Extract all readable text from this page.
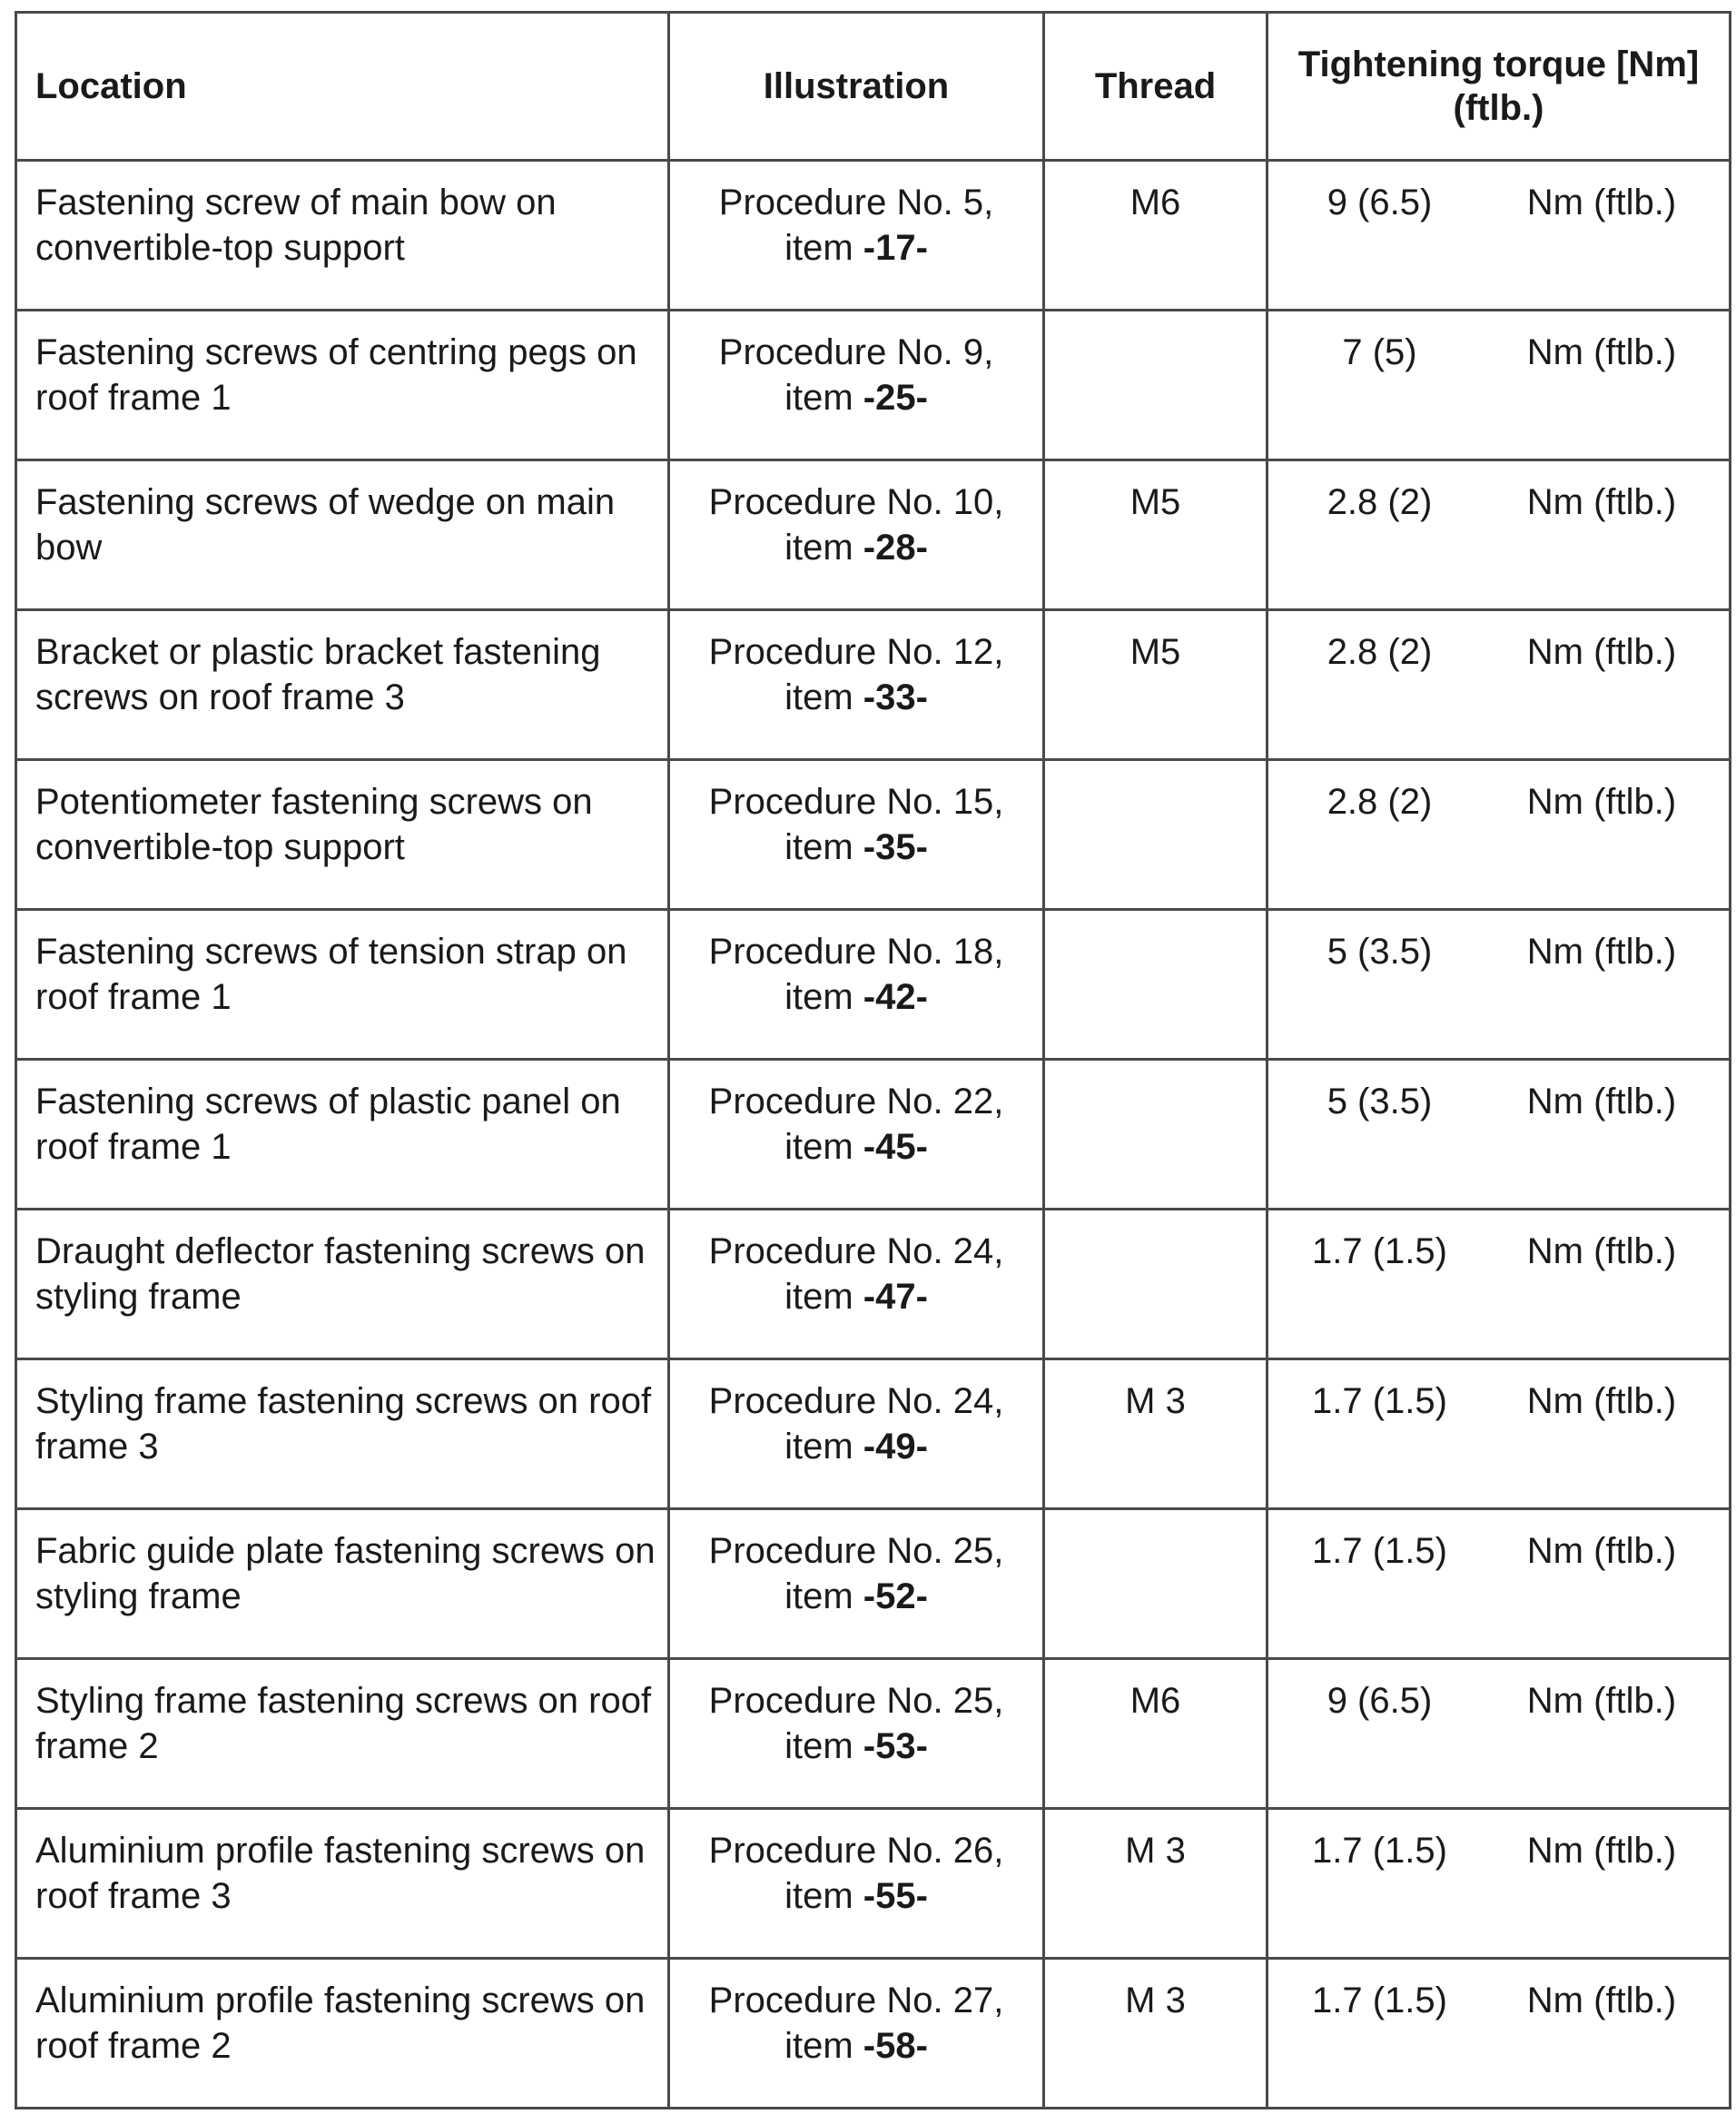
Location	Illustration	Thread	Tightening torque [Nm]
(ftlb.)

Fastening screw of main bow on convertible-top support	Procedure No. 5,
item -17-	M6	9 (6.5) Nm (ftlb.)

Fastening screws of centring pegs on roof frame 1	Procedure No. 9,
item -25-		7 (5) Nm (ftlb.)

Fastening screws of wedge on main bow	Procedure No. 10,
item -28-	M5	2.8 (2) Nm (ftlb.)

Bracket or plastic bracket fastening screws on roof frame 3	Procedure No. 12,
item -33-	M5	2.8 (2) Nm (ftlb.)

Potentiometer fastening screws on convertible-top support	Procedure No. 15,
item -35-		2.8 (2) Nm (ftlb.)

Fastening screws of tension strap on roof frame 1	Procedure No. 18,
item -42-		5 (3.5) Nm (ftlb.)

Fastening screws of plastic panel on roof frame 1	Procedure No. 22,
item -45-		5 (3.5) Nm (ftlb.)

Draught deflector fastening screws on styling frame	Procedure No. 24,
item -47-		1.7 (1.5) Nm (ftlb.)

Styling frame fastening screws on roof frame 3	Procedure No. 24,
item -49-	M 3	1.7 (1.5) Nm (ftlb.)

Fabric guide plate fastening screws on styling frame	Procedure No. 25,
item -52-		1.7 (1.5) Nm (ftlb.)

Styling frame fastening screws on roof frame 2	Procedure No. 25,
item -53-	M6	9 (6.5) Nm (ftlb.)

Aluminium profile fastening screws on roof frame 3	Procedure No. 26,
item -55-	M 3	1.7 (1.5) Nm (ftlb.)

Aluminium profile fastening screws on roof frame 2	Procedure No. 27,
item -58-	M 3	1.7 (1.5) Nm (ftlb.)
